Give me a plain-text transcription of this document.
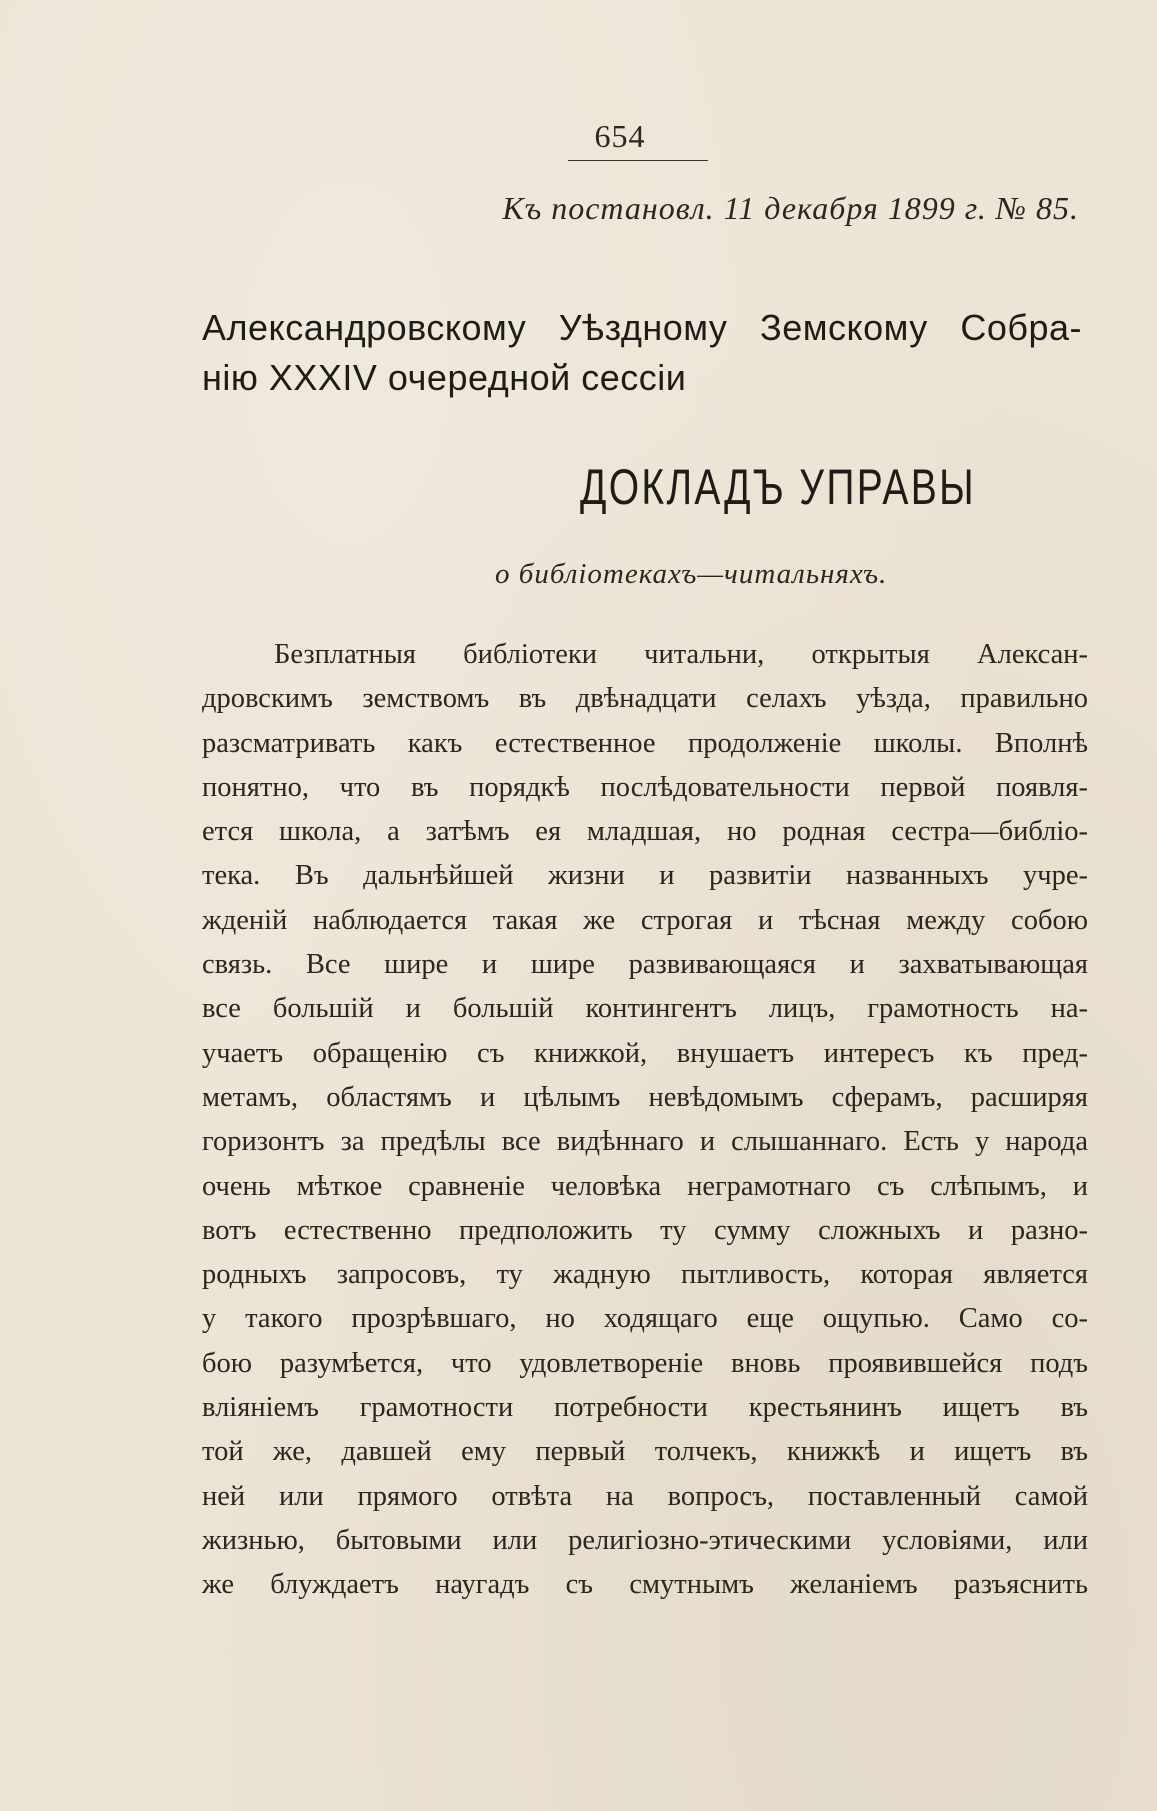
654
Къ постановл. 11 декабря 1899 г. № 85.
Александровскому Уѣздному Земскому Собра-
нію XXXIV очередной сессіи
ДОКЛАДЪ УПРАВЫ
о библіотекахъ—читальняхъ.
Безплатныя библіотеки читальни, открытыя Алексан-
дровскимъ земствомъ въ двѣнадцати селахъ уѣзда, правильно
разсматривать какъ естественное продолженіе школы. Вполнѣ
понятно, что въ порядкѣ послѣдовательности первой появля-
ется школа, а затѣмъ ея младшая, но родная сестра—библіо-
тека. Въ дальнѣйшей жизни и развитіи названныхъ учре-
жденій наблюдается такая же строгая и тѣсная между собою
связь. Все шире и шире развивающаяся и захватывающая
все большій и большій контингентъ лицъ, грамотность на-
учаетъ обращенію съ книжкой, внушаетъ интересъ къ пред-
метамъ, областямъ и цѣлымъ невѣдомымъ сферамъ, расширяя
горизонтъ за предѣлы все видѣннаго и слышаннаго. Есть у народа
очень мѣткое сравненіе человѣка неграмотнаго съ слѣпымъ, и
вотъ естественно предположить ту сумму сложныхъ и разно-
родныхъ запросовъ, ту жадную пытливость, которая является
у такого прозрѣвшаго, но ходящаго еще ощупью. Само со-
бою разумѣется, что удовлетвореніе вновь проявившейся подъ
вліяніемъ грамотности потребности крестьянинъ ищетъ въ
той же, давшей ему первый толчекъ, книжкѣ и ищетъ въ
ней или прямого отвѣта на вопросъ, поставленный самой
жизнью, бытовыми или религіозно-этическими условіями, или
же блуждаетъ наугадъ съ смутнымъ желаніемъ разъяснить
